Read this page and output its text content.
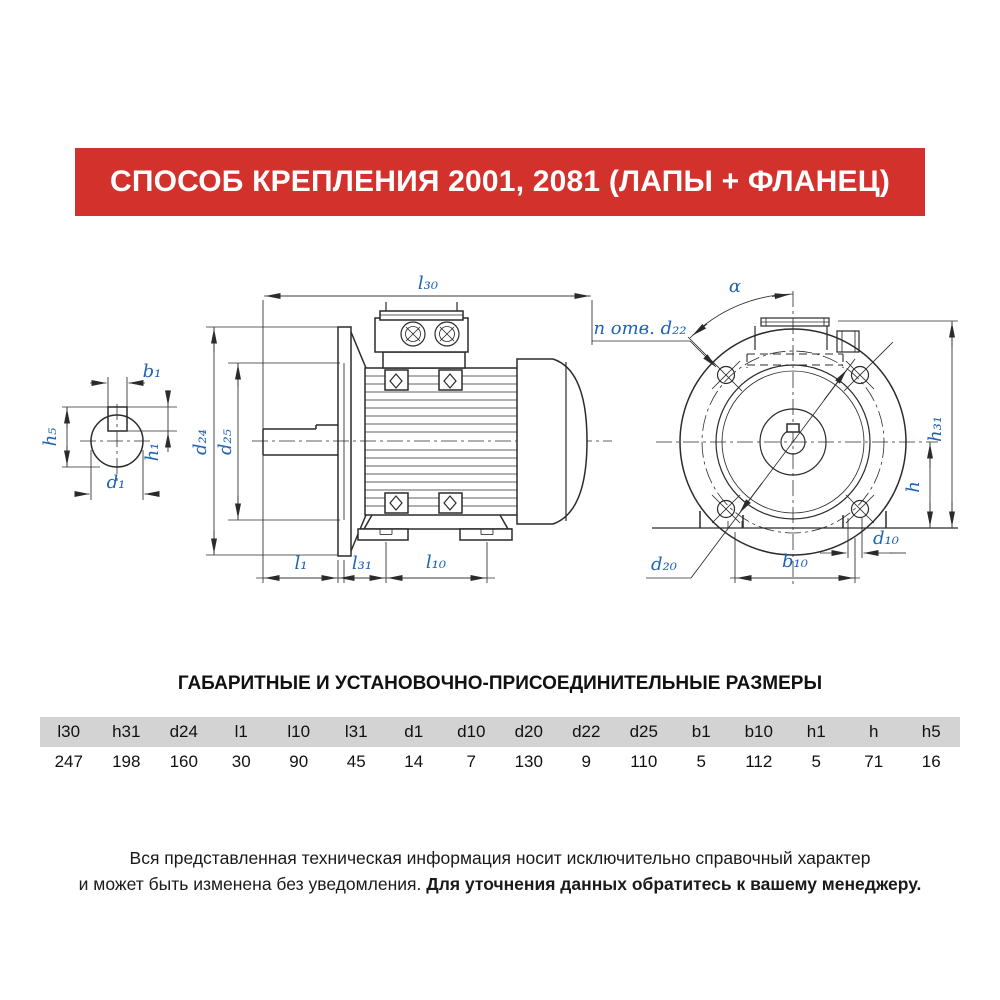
СПОСОБ КРЕПЛЕНИЯ 2001, 2081 (ЛАПЫ + ФЛАНЕЦ)
b₁
h₅
h₁
d₁
l₃₀
d₂₄ d₂₅
l₁ l₃₁	l₁₀
n отв. d₂₂
α
d₂₀	b₁₀
d₁₀
h
h₃₁
ГАБАРИТНЫЕ И УСТАНОВОЧНО-ПРИСОЕДИНИТЕЛЬНЫЕ РАЗМЕРЫ
l30	h31	d24	l1	l10	l31	d1	d10	d20	d22	d25	b1	b10	h1	h	h5
247	198	160	30	90	45	14	7	130	9	110	5	112	5	71	16
Вся представленная техническая информация носит исключительно справочный характер
и может быть изменена без уведомления. Для уточнения данных обратитесь к вашему менеджеру.
